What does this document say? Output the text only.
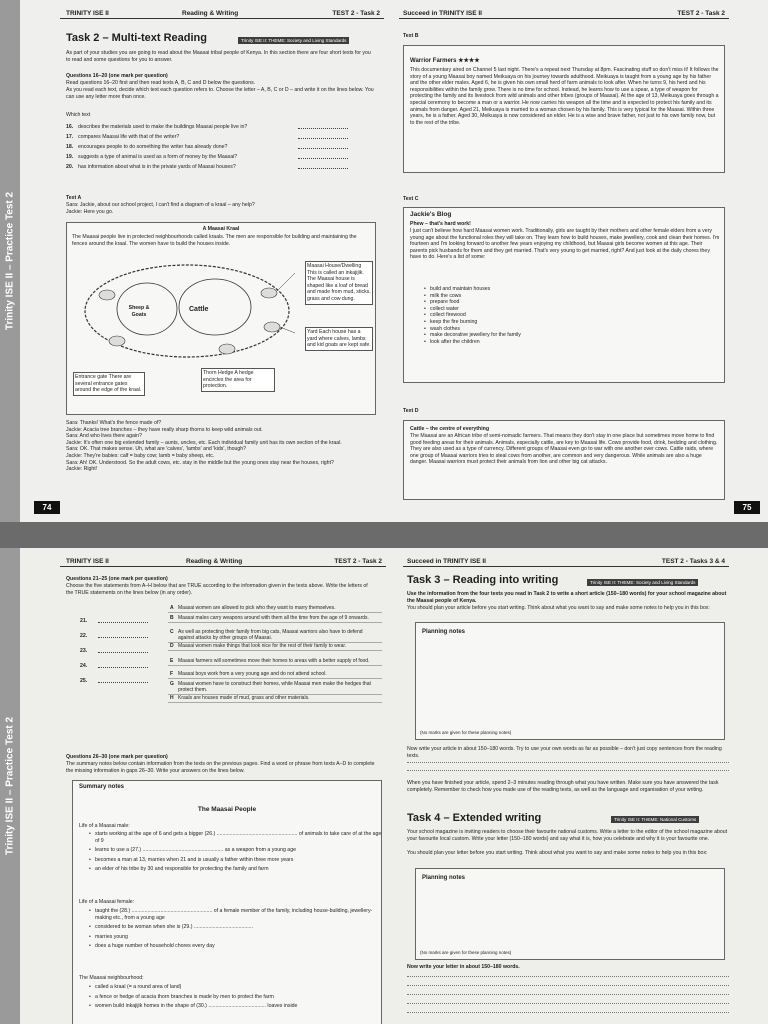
Trinity ISE II – Practice Test 2
TRINITY ISE II	Reading & Writing	TEST 2 - Task 2
Task 2 – Multi-text Reading	Trinity ISE II: THEME: Society and Living Standards
As part of your studies you are going to read about the Maasai tribal people of Kenya. In this section there are four short texts for you to read and some questions for you to answer.
Questions 16–20 (one mark per question)
Read questions 16–20 first and then read texts A, B, C and D below the questions.
As you read each text, decide which text each question refers to. Choose the letter – A, B, C or D – and write it on the lines below. You can use any letter more than once.
Which text
16. describes the materials used to make the buildings Maasai people live in?
17. compares Maasai life with that of the writer?
18. encourages people to do something the writer has already done?
19. suggests a type of animal is used as a form of money by the Maasai?
20. has information about what is in the private yards of Maasai houses?
Text A
Sara: Jackie, about our school project, I can't find a diagram of a kraal – any help?
Jackie: Here you go.
A Maasai Kraal
The Maasai people live in protected neighbourhoods called kraals. The men are responsible for building and maintaining the fences around the kraal. The women have to build the houses inside.
Sheep & Goats
Cattle
Maasai House/Dwelling This is called an inkajijik. The Maasai house is shaped like a loaf of bread and made from mud, sticks, grass and cow dung.
Yard Each house has a yard where calves, lambs and kid goats are kept safe.
Entrance gate There are several entrance gates around the edge of the kraal.
Thorn Hedge A hedge encircles the area for protection.
Sara: Thanks! What's the fence made of?
Jackie: Acacia tree branches – they have really sharp thorns to keep wild animals out.
Sara: And who lives there again?
Jackie: It's often one big extended family – aunts, uncles, etc. Each individual family unit has its own section of the kraal.
Sara: OK. That makes sense. Uh, what are 'calves', 'lambs' and 'kids', though?
Jackie: They're babies: calf = baby cow; lamb = baby sheep, etc.
Sara: Ah! OK. Understood. So the adult cows, etc. stay in the middle but the young ones stay near the houses, right?
Jackie: Right!
74
Succeed in TRINITY ISE II	TEST 2 - Task 2
Text B
Warrior Farmers ★★★★
This documentary aired on Channel 5 last night. There's a repeat next Thursday at 8pm. Fascinating stuff so don't miss it! It follows the story of a young Maasai boy named Meikuaya on his journey towards adulthood. Meikuaya is taught from a young age by his father and the other elder males. Aged 6, he is given his own small herd of farm animals to look after. When he turns 9, his herd and his responsibilities within the family grow. There is no time for school. Instead, he learns how to use a spear, a type of weapon for protecting the family and its livestock from wild animals and other tribes (groups of Maasai). At the age of 13, Meikuaya goes through a special ceremony to become a man or a warrior. He now carries his weapon all the time and is expected to protect his family and its animals from danger. Aged 21, Meikuaya is married to a woman chosen by his family. This is very typical for the Maasai. Within three years, he is a father. Aged 30, Meikuaya is now considered an elder. He is a wise and brave father, not just to his own family now, but to the rest of the tribe.
Text C
Jackie's Blog
Phew – that's hard work!
I just can't believe how hard Maasai women work. Traditionally, girls are taught by their mothers and other female elders from a very young age about the functional roles they will take on. They learn how to build houses, make jewellery, cook and clean their homes. I'm fourteen and I'm looking forward to another few years enjoying my childhood, but Maasai girls become women at this age. Their parents pick husbands for them and they get married. That's very young to get married, right? And just look at the daily chores they have to do. Here's a list of some:
• build and maintain houses
• milk the cows
• prepare food
• collect water
• collect firewood
• keep the fire burning
• wash clothes
• make decorative jewellery for the family
• look after the children
Text D
Cattle – the centre of everything
The Maasai are an African tribe of semi-nomadic farmers. That means they don't stay in one place but sometimes move home to find good feeding areas for their animals. Animals, especially cattle, are key to Maasai life. Cows provide food, drink, bedding and clothing. They are also used as a type of currency. Different groups of Maasai even go to war with one another over cows. Cattle raids, where one group of Maasai warriors tries to steal cows from another, are common and very dangerous. While animals are also a huge danger. Maasai warriors must protect their animals from lion and other big cat attacks.
75
Trinity ISE II – Practice Test 2
TRINITY ISE II	Reading & Writing	TEST 2 - Task 2
Questions 21–25 (one mark per question)
Choose the five statements from A–H below that are TRUE according to the information given in the texts above. Write the letters of the TRUE statements on the lines below (in any order).
21.
22.
23.
24.
25.
A Maasai women are allowed to pick who they want to marry themselves.
B Maasai males carry weapons around with them all the time from the age of 9 onwards.
C As well as protecting their family from big cats, Maasai warriors also have to defend against attacks by other groups of Maasai.
D Maasai women make things that look nice for the rest of their family to wear.
E Maasai farmers will sometimes move their homes to areas with a better supply of food.
F Maasai boys work from a very young age and do not attend school.
G Maasai women have to construct their homes, while Maasai men make the hedges that protect them.
H Kraals are houses made of mud, grass and other materials.
Questions 26–30 (one mark per question)
The summary notes below contain information from the texts on the previous pages. Find a word or phrase from texts A–D to complete the missing information in gaps 26–30. Write your answers on the lines below.
Summary notes
The Maasai People
Life of a Maasai male:
• starts working at the age of 6 and gets a bigger (26.) ........................................................ of animals to take care of at the age of 9
• learns to use a (27.) ........................................................ as a weapon from a young age
• becomes a man at 13, marries when 21 and is usually a father within three more years
• an elder of his tribe by 30 and responsible for protecting the family and farm
Life of a Maasai female:
• taught the (28.) ........................................................ of a female member of the family, including house-building, jewellery-making etc., from a young age
• considered to be woman when she is (29.) .........................................
• marries young
• does a huge number of household chores every day
The Maasai neighbourhood:
• called a kraal (= a round area of land)
• a fence or hedge of acacia thorn branches is made by men to protect the farm
• women build inkajijik homes in the shape of (30.) ........................................ loaves inside
Succeed in TRINITY ISE II	TEST 2 - Tasks 3 & 4
Task 3 – Reading into writing	Trinity ISE II: THEME: Society and Living Standards
Use the information from the four texts you read in Task 2 to write a short article (150–180 words) for your school magazine about the Maasai people of Kenya.
You should plan your article before you start writing. Think about what you want to say and make some notes to help you in this box:
Planning notes
(No marks are given for these planning notes)
Now write your article in about 150–180 words. Try to use your own words as far as possible – don't just copy sentences from the reading texts.
When you have finished your article, spend 2–3 minutes reading through what you have written. Make sure you have answered the task completely. Remember to check how you made use of the reading texts, as well as the language and organisation of your writing.
Task 4 – Extended writing	Trinity ISE II: THEME: National Customs
Your school magazine is inviting readers to choose their favourite national customs. Write a letter to the editor of the school magazine about your favourite local custom. Write your letter (150–180 words) and say what it is, how you celebrate and why it is your favourite one.
You should plan your letter before you start writing. Think about what you want to say and make some notes to help you in this box:
Planning notes
(No marks are given for these planning notes)
Now write your letter in about 150–180 words.
